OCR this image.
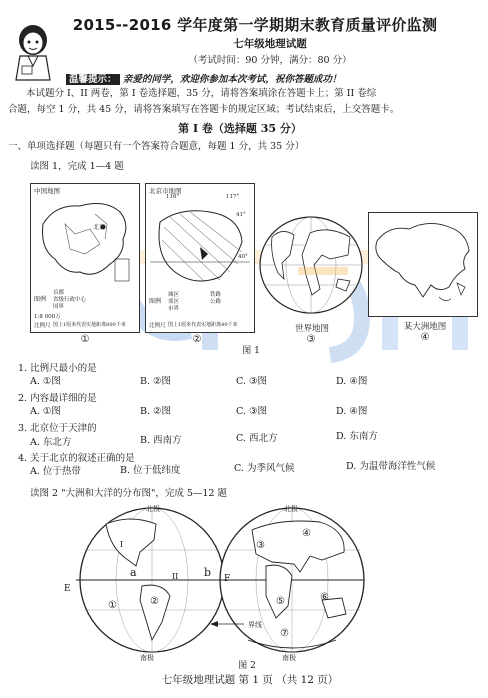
2015--2016 学年度第一学期期末教育质量评价监测
七年级地理试题
（考试时间：90 分钟，满分：80 分）
温馨提示： 亲爱的同学，欢迎你参加本次考试，祝你答题成功！
本试题分 I、II 两卷，第 I 卷选择题，35 分，请将答案填涂在答题卡上；第 II 卷综
合题，每空 1 分，共 45 分，请将答案填写在答题卡的规定区域；考试结束后，上交答题卡。
第 I 卷（选择题 35 分）
一、单项选择题（每题只有一个答案符合题意，每题 1 分，共 35 分）
读图 1，完成 1—4 题
中国地图
北京
图例
首都
省级行政中心
国界
1:8 000万
比例尺 图上1厘米代表实地距离800千米
①
北京市地图
116°	117°
41°
40°
图例
城区
郊区
市界
铁路
公路
比例尺 图上1厘米代表实地距离40千米
②
世界地图
③
某大洲地图
④
图 1
1. 比例尺最小的是
A. ①图	B. ②图	C. ③图	D. ④图
2. 内容最详细的是
A. ①图	B. ②图	C. ③图	D. ④图
3. 北京位于天津的
A. 东北方	B. 西南方	C. 西北方	D. 东南方
4. 关于北京的叙述正确的是
A. 位于热带	B. 位于低纬度	C. 为季风气候	D. 为温带海洋性气候
读图 2 "大洲和大洋的分布图"，完成 5—12 题
北极	北极
南极	南极
a	b
E
F
I
II
①	②
③
④
⑤	⑥
⑦
界线
图 2
七年级地理试题 第 1 页 （共 12 页）
